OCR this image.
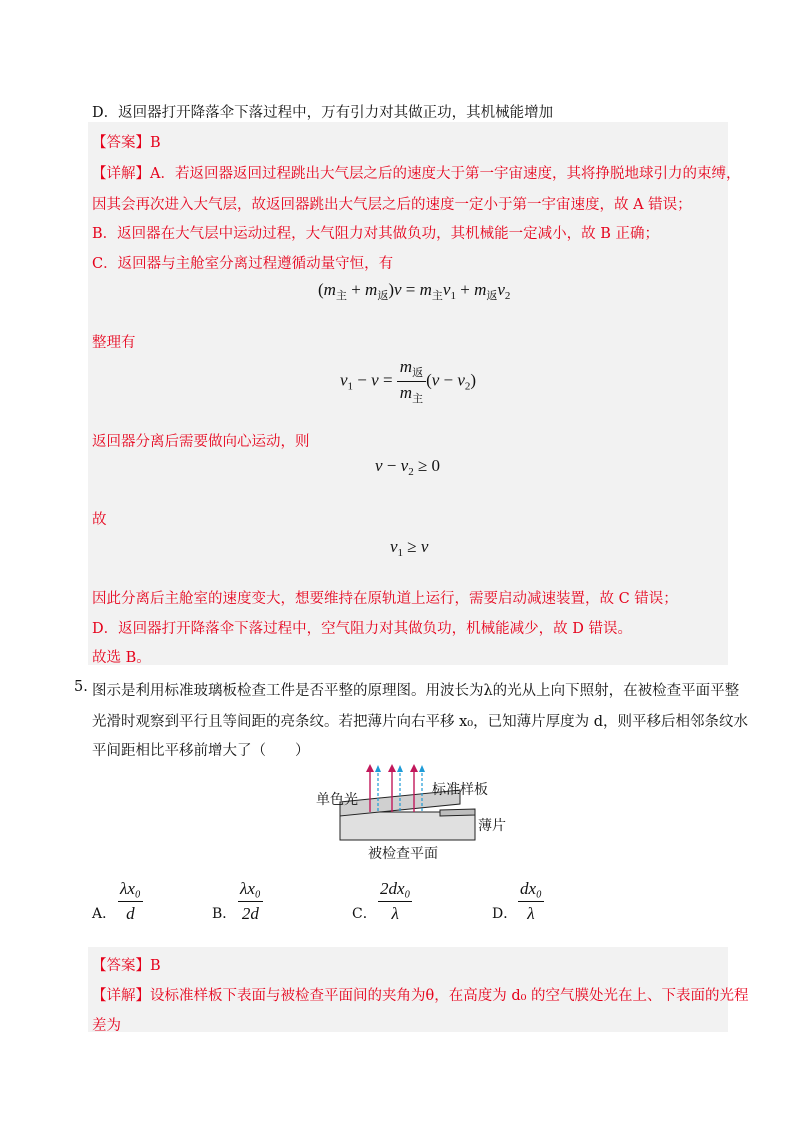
D．返回器打开降落伞下落过程中，万有引力对其做正功，其机械能增加
【答案】B
【详解】A．若返回器返回过程跳出大气层之后的速度大于第一宇宙速度，其将挣脱地球引力的束缚，
因其会再次进入大气层，故返回器跳出大气层之后的速度一定小于第一宇宙速度，故 A 错误；
B．返回器在大气层中运动过程，大气阻力对其做负功，其机械能一定减小，故 B 正确；
C．返回器与主舱室分离过程遵循动量守恒，有
$(m_主 + m_返)v = m_主v_1 + m_返v_2$
整理有
$v_1 - v = \frac{m_返}{m_主} (v - v_2)$
返回器分离后需要做向心运动，则
$v - v_2 \ge 0$
故
$v_1 \ge v$
因此分离后主舱室的速度变大，想要维持在原轨道上运行，需要启动减速装置，故 C 错误；
D．返回器打开降落伞下落过程中，空气阻力对其做负功，机械能减少，故 D 错误。
故选 B。
5. 图示是利用标准玻璃板检查工件是否平整的原理图。用波长为λ的光从上向下照射，在被检查平面平整
光滑时观察到平行且等间距的亮条纹。若把薄片向右平移 x₀，已知薄片厚度为 d，则平移后相邻条纹水
平间距相比平移前增大了（　　）
单色光
标准样板
薄片
被检查平面
A． $\frac{\text{λx₀}}{d}$	B． $\frac{\text{λx₀}}{2d}$	C． $\frac{\text{2dx₀}}{\lambda}$	D． $\frac{\text{dx₀}}{\lambda}$
【答案】B
【详解】设标准样板下表面与被检查平面间的夹角为θ，在高度为 d₀ 的空气膜处光在上、下表面的光程
差为
